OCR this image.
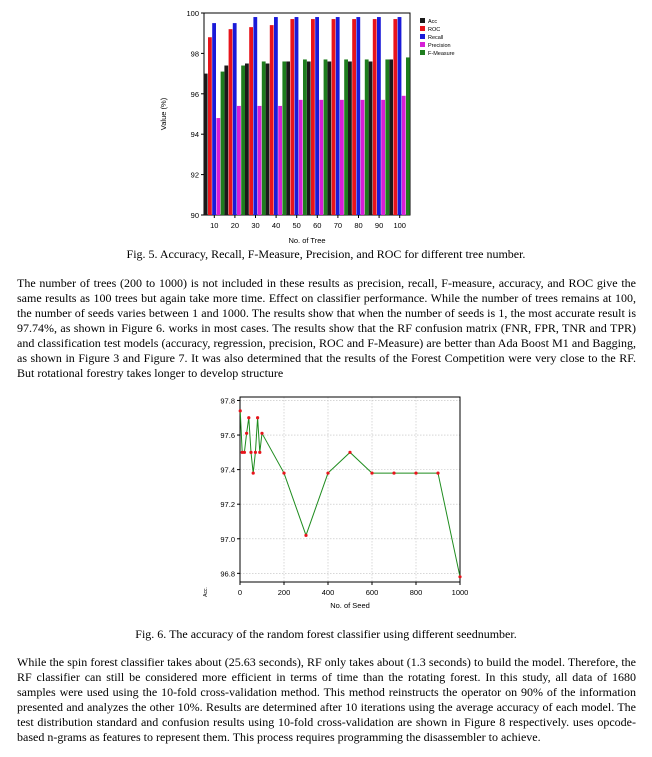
90
92
94
96
98
100
10 20 30 40 50 60 70 80 90 100
No. of Tree
Value (%)
Acc
ROC
Recall
Precision
F-Measure
Fig. 5. Accuracy, Recall, F-Measure, Precision, and ROC for different tree number.
The number of trees (200 to 1000) is not included in these results as precision, recall, F-measure, accuracy, and ROC give the same results as 100 trees but again take more time. Effect on classifier performance. While the number of trees remains at 100, the number of seeds varies between 1 and 1000. The results show that when the number of seeds is 1, the most accurate result is 97.74%, as shown in Figure 6. works in most cases. The results show that the RF confusion matrix (FNR, FPR, TNR and TPR) and classification test models (accuracy, regression, precision, ROC and F-Measure) are better than Ada Boost M1 and Bagging, as shown in Figure 3 and Figure 7. It was also determined that the results of the Forest Competition were very close to the RF. But rotational forestry takes longer to develop structure
96.8
97.0
97.2
97.4
97.6
97.8
0	200	400	600	800	1000
No. of Seed
Acc.
Fig. 6. The accuracy of the random forest classifier using different seednumber.
While the spin forest classifier takes about (25.63 seconds), RF only takes about (1.3 seconds) to build the model. Therefore, the RF classifier can still be considered more efficient in terms of time than the rotating forest. In this study, all data of 1680 samples were used using the 10-fold cross-validation method. This method reinstructs the operator on 90% of the information presented and analyzes the other 10%. Results are determined after 10 iterations using the average accuracy of each model. The test distribution standard and confusion results using 10-fold cross-validation are shown in Figure 8 respectively. uses opcode-based n-grams as features to represent them. This process requires programming the disassembler to achieve.
